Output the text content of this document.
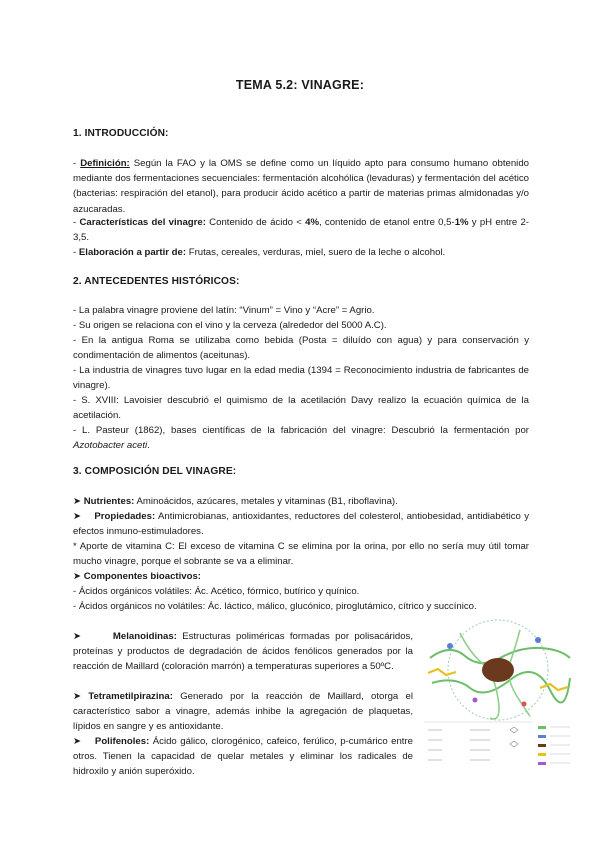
TEMA 5.2: VINAGRE:
1. INTRODUCCIÓN:
- Definición: Según la FAO y la OMS se define como un líquido apto para consumo humano obtenido mediante dos fermentaciones secuenciales: fermentación alcohólica (levaduras) y fermentación del acético (bacterias: respiración del etanol), para producir ácido acético a partir de materias primas almidonadas y/o azucaradas.
- Características del vinagre: Contenido de ácido < 4%, contenido de etanol entre 0,5-1% y pH entre 2-3,5.
- Elaboración a partir de: Frutas, cereales, verduras, miel, suero de la leche o alcohol.
2. ANTECEDENTES HISTÓRICOS:
- La palabra vinagre proviene del latín: “Vinum” = Vino y “Acre” = Agrio.
- Su origen se relaciona con el vino y la cerveza (alrededor del 5000 A.C).
- En la antigua Roma se utilizaba como bebida (Posta = diluído con agua) y para conservación y condimentación de alimentos (aceitunas).
- La industria de vinagres tuvo lugar en la edad media (1394 = Reconocimiento industria de fabricantes de vinagre).
- S. XVIII: Lavoisier descubrió el quimismo de la acetilación Davy realizo la ecuación química de la acetilación.
- L. Pasteur (1862), bases científicas de la fabricación del vinagre: Descubrió la fermentación por Azotobacter aceti.
3. COMPOSICIÓN DEL VINAGRE:
➤ Nutrientes: Aminoácidos, azúcares, metales y vitaminas (B1, riboflavina).
➤ Propiedades: Antimicrobianas, antioxidantes, reductores del colesterol, antiobesidad, antidiabético y efectos inmuno-estimuladores.
* Aporte de vitamina C: El exceso de vitamina C se elimina por la orina, por ello no sería muy útil tomar mucho vinagre, porque el sobrante se va a eliminar.
➤ Componentes bioactivos:
- Ácidos orgánicos volátiles: Ác. Acético, fórmico, butírico y quínico.
- Ácidos orgánicos no volátiles: Ác. láctico, málico, glucónico, piroglutámico, cítrico y succínico.
➤	Melanoidinas: Estructuras poliméricas formadas por polisacáridos, proteínas y productos de degradación de ácidos fenólicos generados por la reacción de Maillard (coloración marrón) a temperaturas superiores a 50ºC.
➤ Tetrametilpirazina: Generado por la reacción de Maillard, otorga el característico sabor a vinagre, además inhibe la agregación de plaquetas, lípidos en sangre y es antioxidante.
➤ Polifenoles: Ácido gálico, clorogénico, cafeico, ferúlico, p-cumárico entre otros. Tienen la capacidad de quelar metales y eliminar los radicales de hidroxilo y anión superóxido.
